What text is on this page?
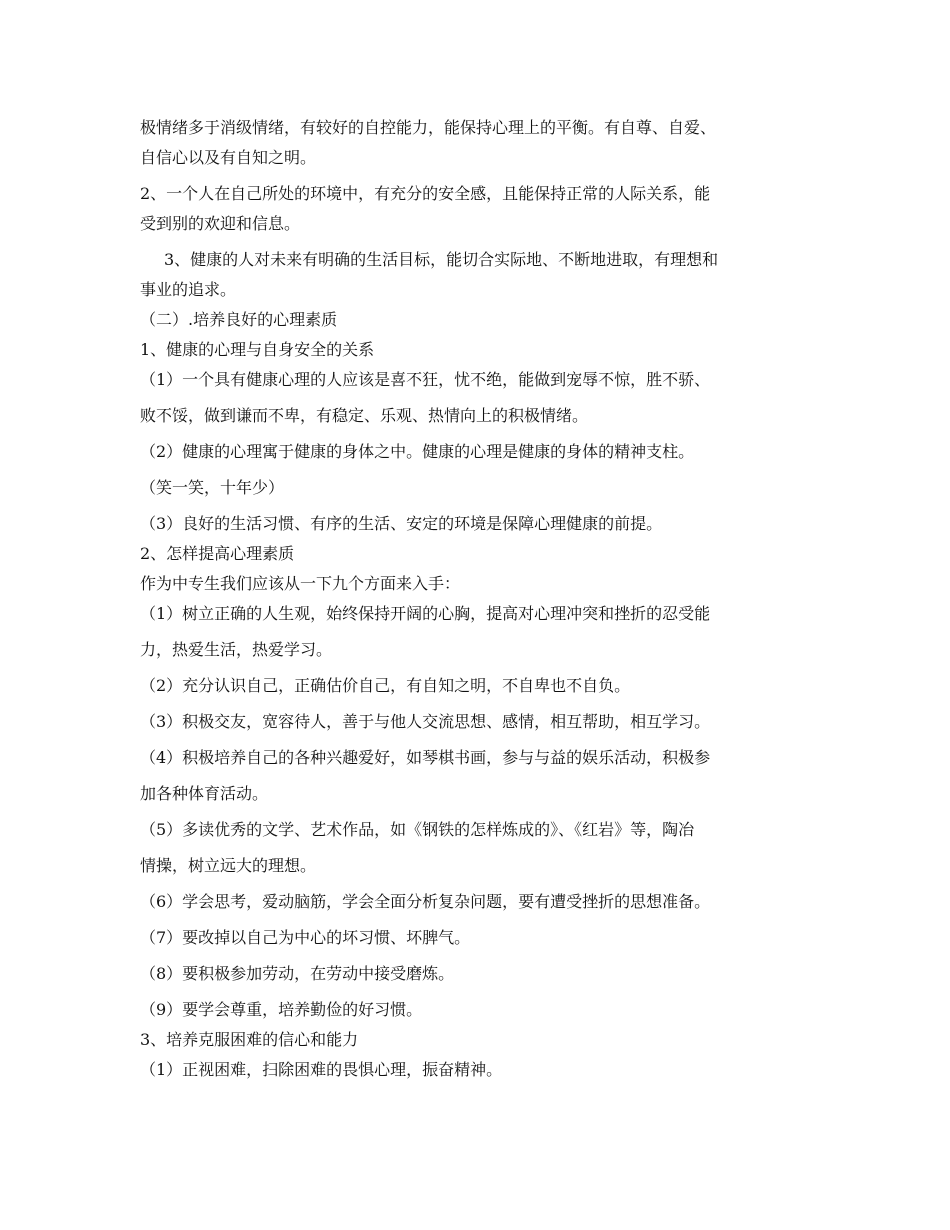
极情绪多于消级情绪，有较好的自控能力，能保持心理上的平衡。有自尊、自爱、
自信心以及有自知之明。
2、一个人在自己所处的环境中，有充分的安全感，且能保持正常的人际关系，能
受到别的欢迎和信息。
3、健康的人对未来有明确的生活目标，能切合实际地、不断地进取，有理想和
事业的追求。
（二）.培养良好的心理素质
1、健康的心理与自身安全的关系
（1）一个具有健康心理的人应该是喜不狂，忧不绝，能做到宠辱不惊，胜不骄、
败不馁，做到谦而不卑，有稳定、乐观、热情向上的积极情绪。
（2）健康的心理寓于健康的身体之中。健康的心理是健康的身体的精神支柱。
（笑一笑，十年少）
（3）良好的生活习惯、有序的生活、安定的环境是保障心理健康的前提。
2、怎样提高心理素质
作为中专生我们应该从一下九个方面来入手：
（1）树立正确的人生观，始终保持开阔的心胸，提高对心理冲突和挫折的忍受能
力，热爱生活，热爱学习。
（2）充分认识自己，正确估价自己，有自知之明，不自卑也不自负。
（3）积极交友，宽容待人，善于与他人交流思想、感情，相互帮助，相互学习。
（4）积极培养自己的各种兴趣爱好，如琴棋书画，参与与益的娱乐活动，积极参
加各种体育活动。
（5）多读优秀的文学、艺术作品，如《钢铁的怎样炼成的》、《红岩》等，陶冶
情操，树立远大的理想。
（6）学会思考，爱动脑筋，学会全面分析复杂问题，要有遭受挫折的思想准备。
（7）要改掉以自己为中心的坏习惯、坏脾气。
（8）要积极参加劳动，在劳动中接受磨炼。
（9）要学会尊重，培养勤俭的好习惯。
3、培养克服困难的信心和能力
（1）正视困难，扫除困难的畏惧心理，振奋精神。
